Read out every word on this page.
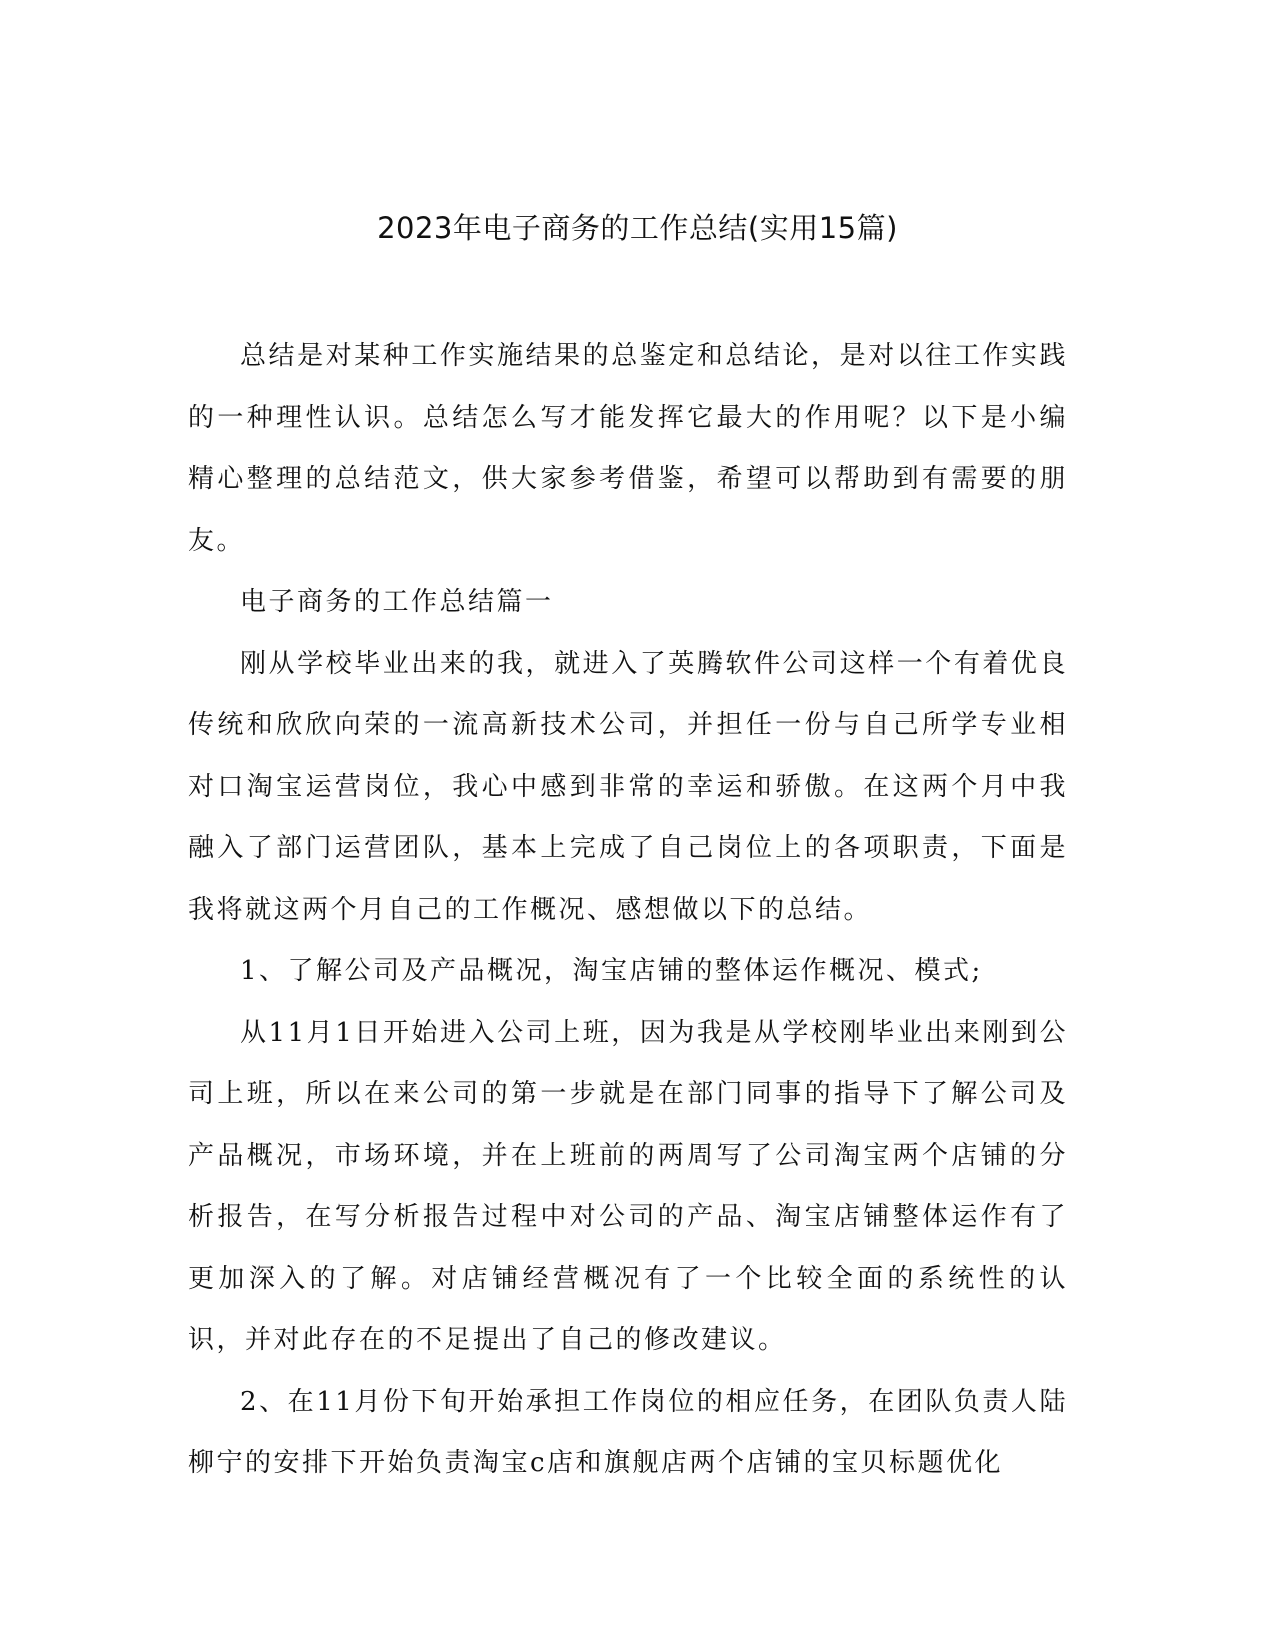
2023年电子商务的工作总结(实用15篇)

总结是对某种工作实施结果的总鉴定和总结论，是对以往工作实践的一种理性认识。总结怎么写才能发挥它最大的作用呢？以下是小编精心整理的总结范文，供大家参考借鉴，希望可以帮助到有需要的朋友。

电子商务的工作总结篇一

刚从学校毕业出来的我，就进入了英腾软件公司这样一个有着优良传统和欣欣向荣的一流高新技术公司，并担任一份与自己所学专业相对口淘宝运营岗位，我心中感到非常的幸运和骄傲。在这两个月中我融入了部门运营团队，基本上完成了自己岗位上的各项职责，下面是我将就这两个月自己的工作概况、感想做以下的总结。

1、了解公司及产品概况，淘宝店铺的整体运作概况、模式;

从11月1日开始进入公司上班，因为我是从学校刚毕业出来刚到公司上班，所以在来公司的第一步就是在部门同事的指导下了解公司及产品概况，市场环境，并在上班前的两周写了公司淘宝两个店铺的分析报告，在写分析报告过程中对公司的产品、淘宝店铺整体运作有了更加深入的了解。对店铺经营概况有了一个比较全面的系统性的认识，并对此存在的不足提出了自己的修改建议。

2、在11月份下旬开始承担工作岗位的相应任务，在团队负责人陆柳宁的安排下开始负责淘宝c店和旗舰店两个店铺的宝贝标题优化
